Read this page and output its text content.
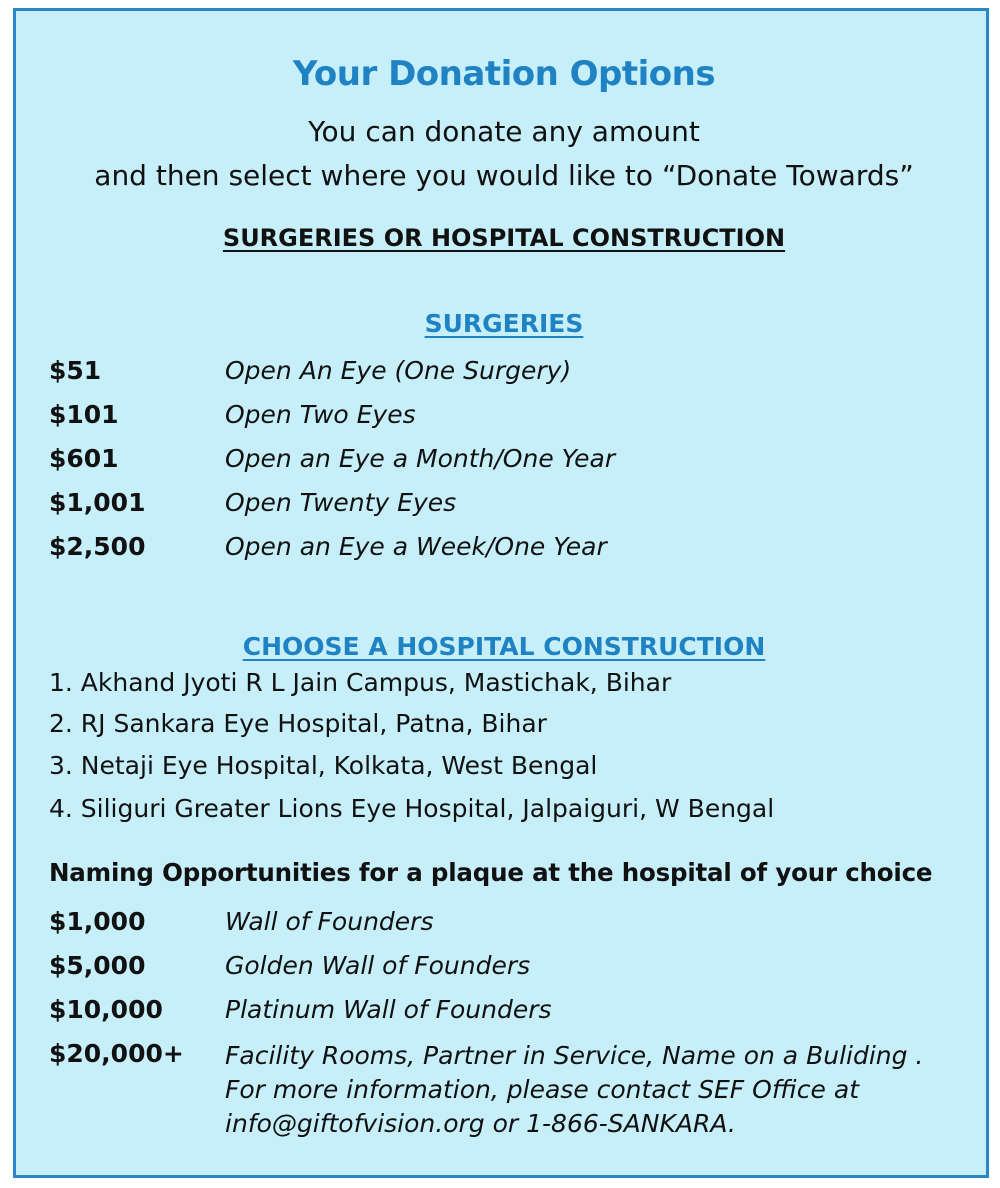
Your Donation Options
You can donate any amount
and then select where you would like to “Donate Towards”
SURGERIES OR HOSPITAL CONSTRUCTION
SURGERIES
$51	Open An Eye (One Surgery)
$101	Open Two Eyes
$601	Open an Eye a Month/One Year
$1,001	Open Twenty Eyes
$2,500	Open an Eye a Week/One Year
CHOOSE A HOSPITAL CONSTRUCTION
1. Akhand Jyoti R L Jain Campus, Mastichak, Bihar
2. RJ Sankara Eye Hospital, Patna, Bihar
3. Netaji Eye Hospital, Kolkata, West Bengal
4. Siliguri Greater Lions Eye Hospital, Jalpaiguri, W Bengal
Naming Opportunities for a plaque at the hospital of your choice
$1,000	Wall of Founders
$5,000	Golden Wall of Founders
$10,000 Platinum Wall of Founders
$20,000+ Facility Rooms, Partner in Service, Name on a Buliding . For more information, please contact SEF Office at info@giftofvision.org or 1-866-SANKARA.
